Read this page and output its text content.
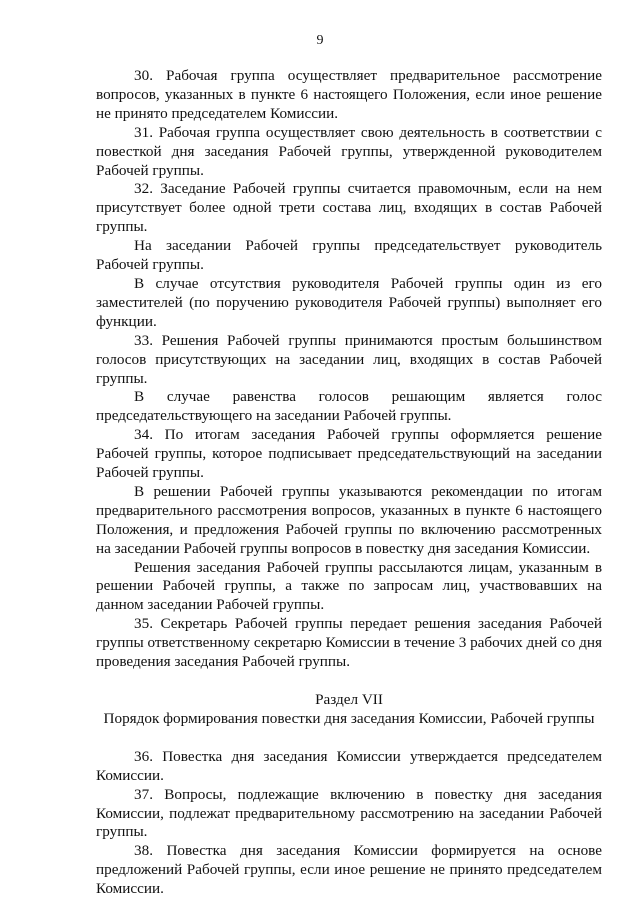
9

30. Рабочая группа осуществляет предварительное рассмотрение вопросов, указанных в пункте 6 настоящего Положения, если иное решение не принято председателем Комиссии.

31. Рабочая группа осуществляет свою деятельность в соответствии с повесткой дня заседания Рабочей группы, утвержденной руководителем Рабочей группы.

32. Заседание Рабочей группы считается правомочным, если на нем присутствует более одной трети состава лиц, входящих в состав Рабочей группы.

На заседании Рабочей группы председательствует руководитель Рабочей группы.

В случае отсутствия руководителя Рабочей группы один из его заместителей (по поручению руководителя Рабочей группы) выполняет его функции.

33. Решения Рабочей группы принимаются простым большинством голосов присутствующих на заседании лиц, входящих в состав Рабочей группы.

В случае равенства голосов решающим является голос председательствующего на заседании Рабочей группы.

34. По итогам заседания Рабочей группы оформляется решение Рабочей группы, которое подписывает председательствующий на заседании Рабочей группы.

В решении Рабочей группы указываются рекомендации по итогам предварительного рассмотрения вопросов, указанных в пункте 6 настоящего Положения, и предложения Рабочей группы по включению рассмотренных на заседании Рабочей группы вопросов в повестку дня заседания Комиссии.

Решения заседания Рабочей группы рассылаются лицам, указанным в решении Рабочей группы, а также по запросам лиц, участвовавших на данном заседании Рабочей группы.

35. Секретарь Рабочей группы передает решения заседания Рабочей группы ответственному секретарю Комиссии в течение 3 рабочих дней со дня проведения заседания Рабочей группы.

Раздел VII
Порядок формирования повестки дня заседания Комиссии, Рабочей группы

36. Повестка дня заседания Комиссии утверждается председателем Комиссии.

37. Вопросы, подлежащие включению в повестку дня заседания Комиссии, подлежат предварительному рассмотрению на заседании Рабочей группы.

38. Повестка дня заседания Комиссии формируется на основе предложений Рабочей группы, если иное решение не принято председателем Комиссии.
